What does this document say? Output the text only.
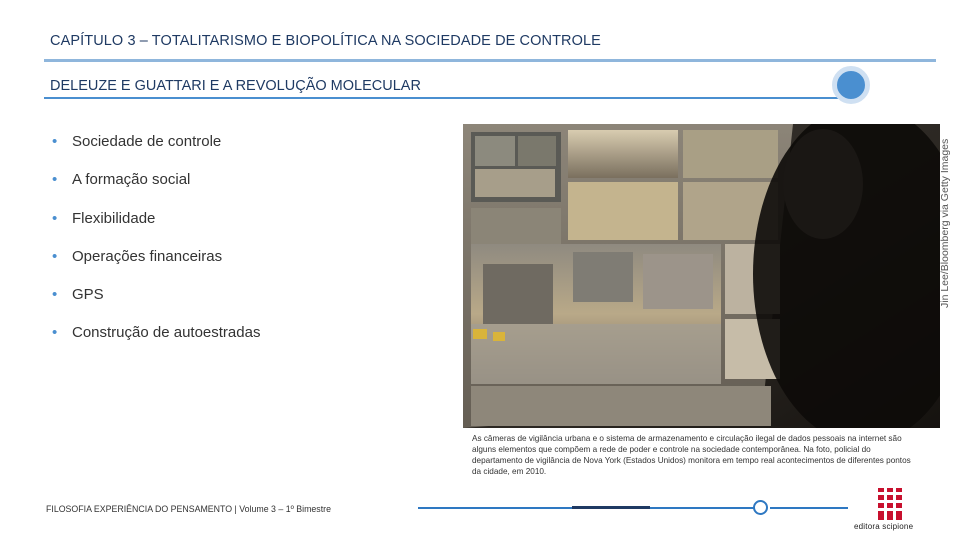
CAPÍTULO 3 – TOTALITARISMO E BIOPOLÍTICA NA SOCIEDADE DE CONTROLE
DELEUZE E GUATTARI E A REVOLUÇÃO MOLECULAR
• Sociedade de controle
• A formação social
• Flexibilidade
• Operações financeiras
• GPS
• Construção de autoestradas
Jin Lee/Bloomberg via Getty Images
As câmeras de vigilância urbana e o sistema de armazenamento e circulação ilegal de dados pessoais na internet são alguns elementos que compõem a rede de poder e controle na sociedade contemporânea. Na foto, policial do departamento de vigilância de Nova York (Estados Unidos) monitora em tempo real acontecimentos de diferentes pontos da cidade, em 2010.
FILOSOFIA EXPERIÊNCIA DO PENSAMENTO | Volume 3 – 1º Bimestre
editora scipione
